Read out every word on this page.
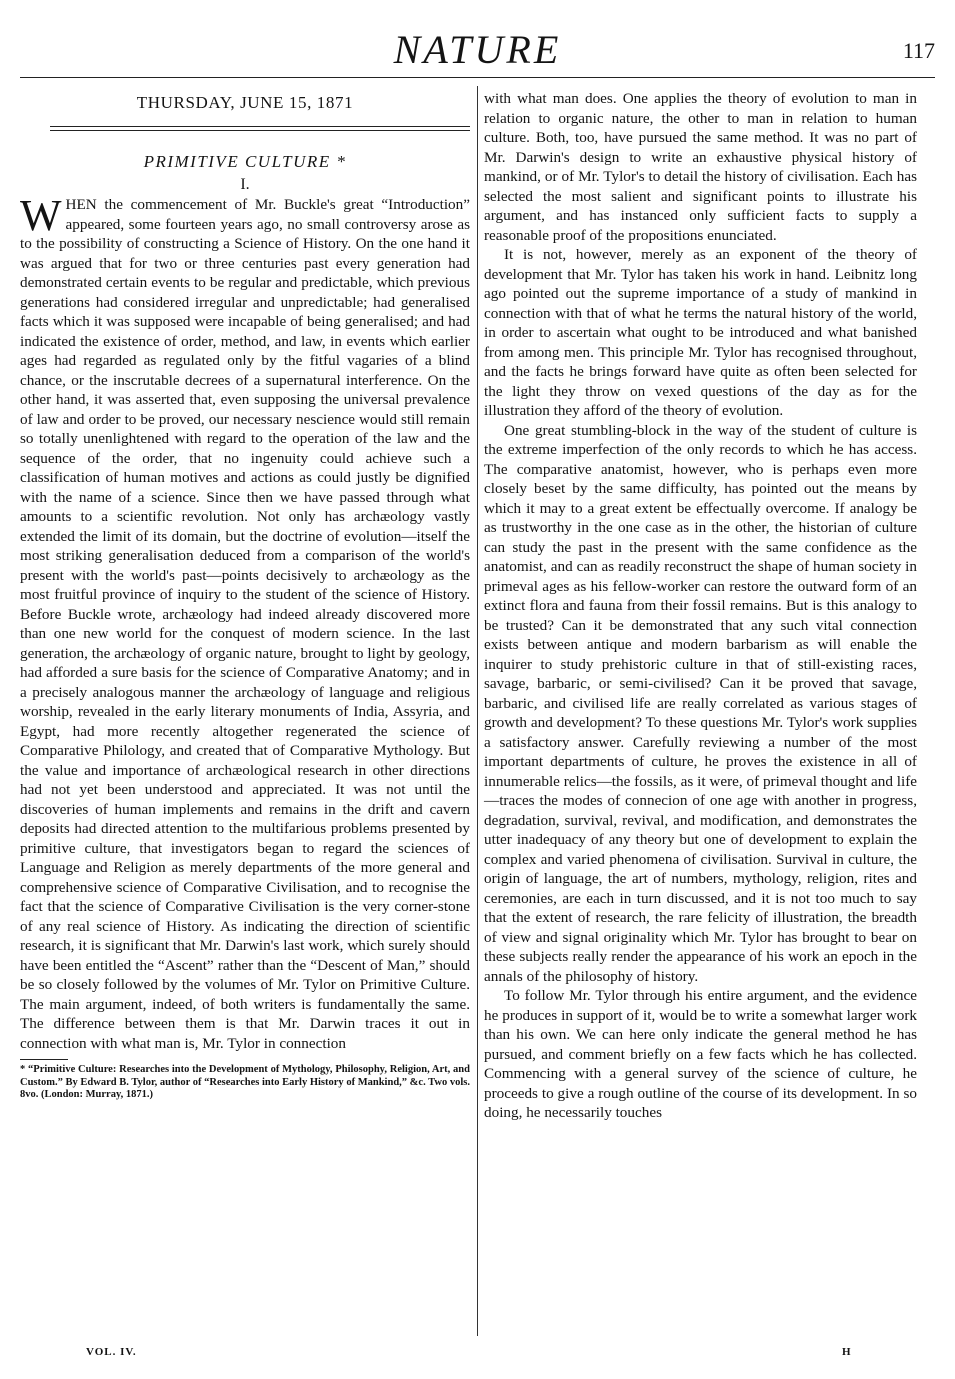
NATURE	117
THURSDAY, JUNE 15, 1871
PRIMITIVE CULTURE *
I.

WHEN the commencement of Mr. Buckle's great “Introduction” appeared, some fourteen years ago, no small controversy arose as to the possibility of constructing a Science of History. On the one hand it was argued that for two or three centuries past every generation had demonstrated certain events to be regular and predictable, which previous generations had considered irregular and unpredictable; had generalised facts which it was supposed were incapable of being generalised; and had indicated the existence of order, method, and law, in events which earlier ages had regarded as regulated only by the fitful vagaries of a blind chance, or the inscrutable decrees of a supernatural interference. On the other hand, it was asserted that, even supposing the universal prevalence of law and order to be proved, our necessary nescience would still remain so totally unenlightened with regard to the operation of the law and the sequence of the order, that no ingenuity could achieve such a classification of human motives and actions as could justly be dignified with the name of a science. Since then we have passed through what amounts to a scientific revolution. Not only has archæology vastly extended the limit of its domain, but the doctrine of evolution—itself the most striking generalisation deduced from a comparison of the world's present with the world's past—points decisively to archæology as the most fruitful province of inquiry to the student of the science of History. Before Buckle wrote, archæology had indeed already discovered more than one new world for the conquest of modern science. In the last generation, the archæology of organic nature, brought to light by geology, had afforded a sure basis for the science of Comparative Anatomy; and in a precisely analogous manner the archæology of language and religious worship, revealed in the early literary monuments of India, Assyria, and Egypt, had more recently altogether regenerated the science of Comparative Philology, and created that of Comparative Mythology. But the value and importance of archæological research in other directions had not yet been understood and appreciated. It was not until the discoveries of human implements and remains in the drift and cavern deposits had directed attention to the multifarious problems presented by primitive culture, that investigators began to regard the sciences of Language and Religion as merely departments of the more general and comprehensive science of Comparative Civilisation, and to recognise the fact that the science of Comparative Civilisation is the very corner-stone of any real science of History. As indicating the direction of scientific research, it is significant that Mr. Darwin's last work, which surely should have been entitled the “Ascent” rather than the “Descent of Man,” should be so closely followed by the volumes of Mr. Tylor on Primitive Culture. The main argument, indeed, of both writers is fundamentally the same. The difference between them is that Mr. Darwin traces it out in connection with what man is, Mr. Tylor in connection

* “Primitive Culture: Researches into the Development of Mythology, Philosophy, Religion, Art, and Custom.” By Edward B. Tylor, author of “Researches into Early History of Mankind,” &c. Two vols. 8vo. (London: Murray, 1871.)

with what man does. One applies the theory of evolution to man in relation to organic nature, the other to man in relation to human culture. Both, too, have pursued the same method. It was no part of Mr. Darwin's design to write an exhaustive physical history of mankind, or of Mr. Tylor's to detail the history of civilisation. Each has selected the most salient and significant points to illustrate his argument, and has instanced only sufficient facts to supply a reasonable proof of the propositions enunciated.

It is not, however, merely as an exponent of the theory of development that Mr. Tylor has taken his work in hand. Leibnitz long ago pointed out the supreme importance of a study of mankind in connection with that of what he terms the natural history of the world, in order to ascertain what ought to be introduced and what banished from among men. This principle Mr. Tylor has recognised throughout, and the facts he brings forward have quite as often been selected for the light they throw on vexed questions of the day as for the illustration they afford of the theory of evolution.

One great stumbling-block in the way of the student of culture is the extreme imperfection of the only records to which he has access. The comparative anatomist, however, who is perhaps even more closely beset by the same difficulty, has pointed out the means by which it may to a great extent be effectually overcome. If analogy be as trustworthy in the one case as in the other, the historian of culture can study the past in the present with the same confidence as the anatomist, and can as readily reconstruct the shape of human society in primeval ages as his fellow-worker can restore the outward form of an extinct flora and fauna from their fossil remains. But is this analogy to be trusted? Can it be demonstrated that any such vital connection exists between antique and modern barbarism as will enable the inquirer to study prehistoric culture in that of still-existing races, savage, barbaric, or semi-civilised? Can it be proved that savage, barbaric, and civilised life are really correlated as various stages of growth and development? To these questions Mr. Tylor's work supplies a satisfactory answer. Carefully reviewing a number of the most important departments of culture, he proves the existence in all of innumerable relics—the fossils, as it were, of primeval thought and life—traces the modes of connecion of one age with another in progress, degradation, survival, revival, and modification, and demonstrates the utter inadequacy of any theory but one of development to explain the complex and varied phenomena of civilisation. Survival in culture, the origin of language, the art of numbers, mythology, religion, rites and ceremonies, are each in turn discussed, and it is not too much to say that the extent of research, the rare felicity of illustration, the breadth of view and signal originality which Mr. Tylor has brought to bear on these subjects really render the appearance of his work an epoch in the annals of the philosophy of history.

To follow Mr. Tylor through his entire argument, and the evidence he produces in support of it, would be to write a somewhat larger work than his own. We can here only indicate the general method he has pursued, and comment briefly on a few facts which he has collected. Commencing with a general survey of the science of culture, he proceeds to give a rough outline of the course of its development. In so doing, he necessarily touches

VOL. IV.	H
